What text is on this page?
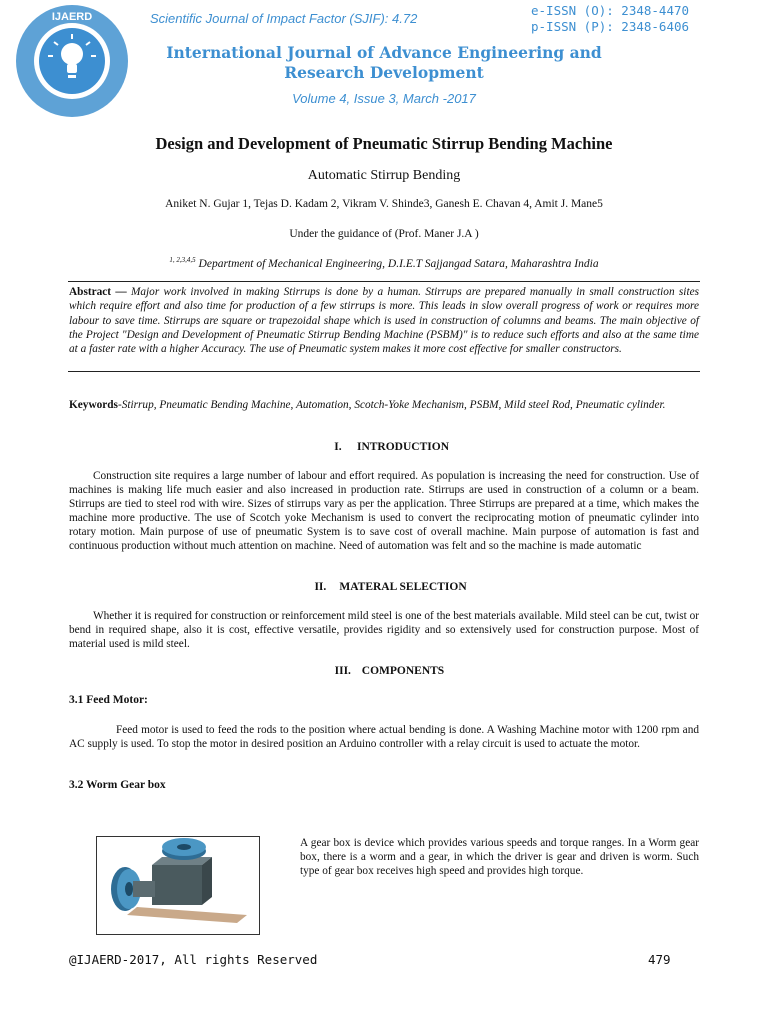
IJAERD	Scientific Journal of Impact Factor (SJIF): 4.72
e-ISSN (O): 2348-4470
p-ISSN (P): 2348-6406
International Journal of Advance Engineering and Research Development
Volume 4, Issue 3, March -2017
Design and Development of Pneumatic Stirrup Bending Machine
Automatic Stirrup Bending
Aniket N. Gujar 1, Tejas D. Kadam 2, Vikram V. Shinde3, Ganesh E. Chavan 4, Amit J. Mane5
Under the guidance of (Prof. Maner J.A )
$^{1, 2,3,4,5}$ Department of Mechanical Engineering, D.I.E.T Sajjangad Satara, Maharashtra India
Abstract — Major work involved in making Stirrups is done by a human. Stirrups are prepared manually in small construction sites which require effort and also time for production of a few stirrups is more. This leads in slow overall progress of work or requires more labour to save time. Stirrups are square or trapezoidal shape which is used in construction of columns and beams. The main objective of the Project "Design and Development of Pneumatic Stirrup Bending Machine (PSBM)" is to reduce such efforts and also at the same time at a faster rate with a higher Accuracy. The use of Pneumatic system makes it more cost effective for smaller constructors.
Keywords-Stirrup, Pneumatic Bending Machine, Automation, Scotch-Yoke Mechanism, PSBM, Mild steel Rod, Pneumatic cylinder.
I. INTRODUCTION
Construction site requires a large number of labour and effort required. As population is increasing the need for construction. Use of machines is making life much easier and also increased in production rate. Stirrups are used in construction of a column or a beam. Stirrups are tied to steel rod with wire. Sizes of stirrups vary as per the application. Three Stirrups are prepared at a time, which makes the machine more productive. The use of Scotch yoke Mechanism is used to convert the reciprocating motion of pneumatic cylinder into rotary motion. Main purpose of use of pneumatic System is to save cost of overall machine. Main purpose of automation is fast and continuous production without much attention on machine. Need of automation was felt and so the machine is made automatic
II. MATERAL SELECTION
Whether it is required for construction or reinforcement mild steel is one of the best materials available. Mild steel can be cut, twist or bend in required shape, also it is cost, effective versatile, provides rigidity and so extensively used for construction purpose. Most of material used is mild steel.
III. COMPONENTS
3.1 Feed Motor:
Feed motor is used to feed the rods to the position where actual bending is done. A Washing Machine motor with 1200 rpm and AC supply is used. To stop the motor in desired position an Arduino controller with a relay circuit is used to actuate the motor.
3.2 Worm Gear box
A gear box is device which provides various speeds and torque ranges. In a Worm gear box, there is a worm and a gear, in which the driver is gear and driven is worm. Such type of gear box receives high speed and provides high torque.
@IJAERD-2017, All rights Reserved	479
